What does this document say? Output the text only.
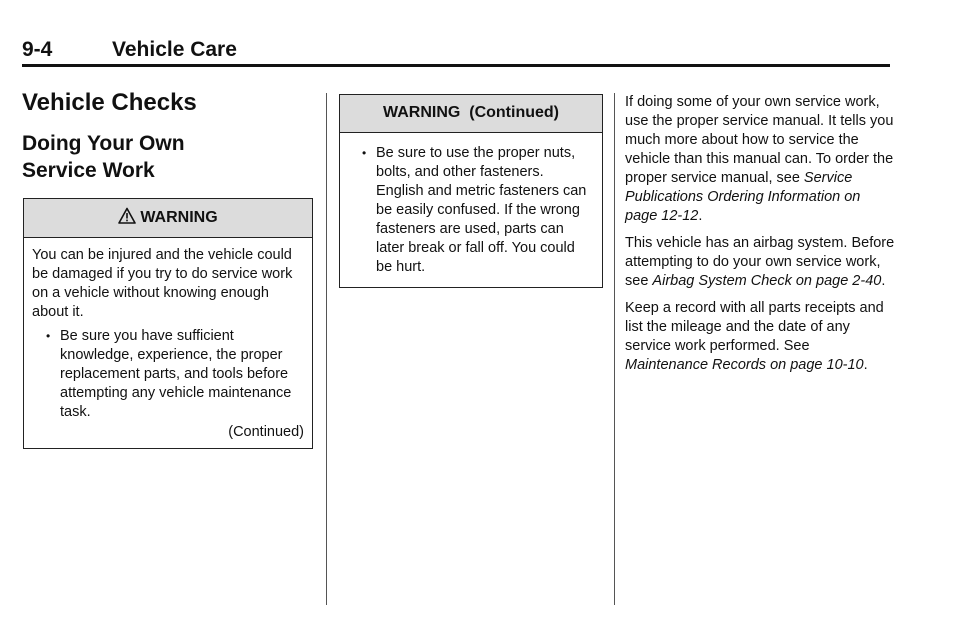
9-4	Vehicle Care
Vehicle Checks
Doing Your Own Service Work
WARNING

You can be injured and the vehicle could be damaged if you try to do service work on a vehicle without knowing enough about it.

• Be sure you have sufficient knowledge, experience, the proper replacement parts, and tools before attempting any vehicle maintenance task.
(Continued)
WARNING  (Continued)
• Be sure to use the proper nuts, bolts, and other fasteners. English and metric fasteners can be easily confused. If the wrong fasteners are used, parts can later break or fall off. You could be hurt.

If doing some of your own service work, use the proper service manual. It tells you much more about how to service the vehicle than this manual can. To order the proper service manual, see Service Publications Ordering Information on page 12-12.

This vehicle has an airbag system. Before attempting to do your own service work, see Airbag System Check on page 2-40.

Keep a record with all parts receipts and list the mileage and the date of any service work performed. See Maintenance Records on page 10-10.
